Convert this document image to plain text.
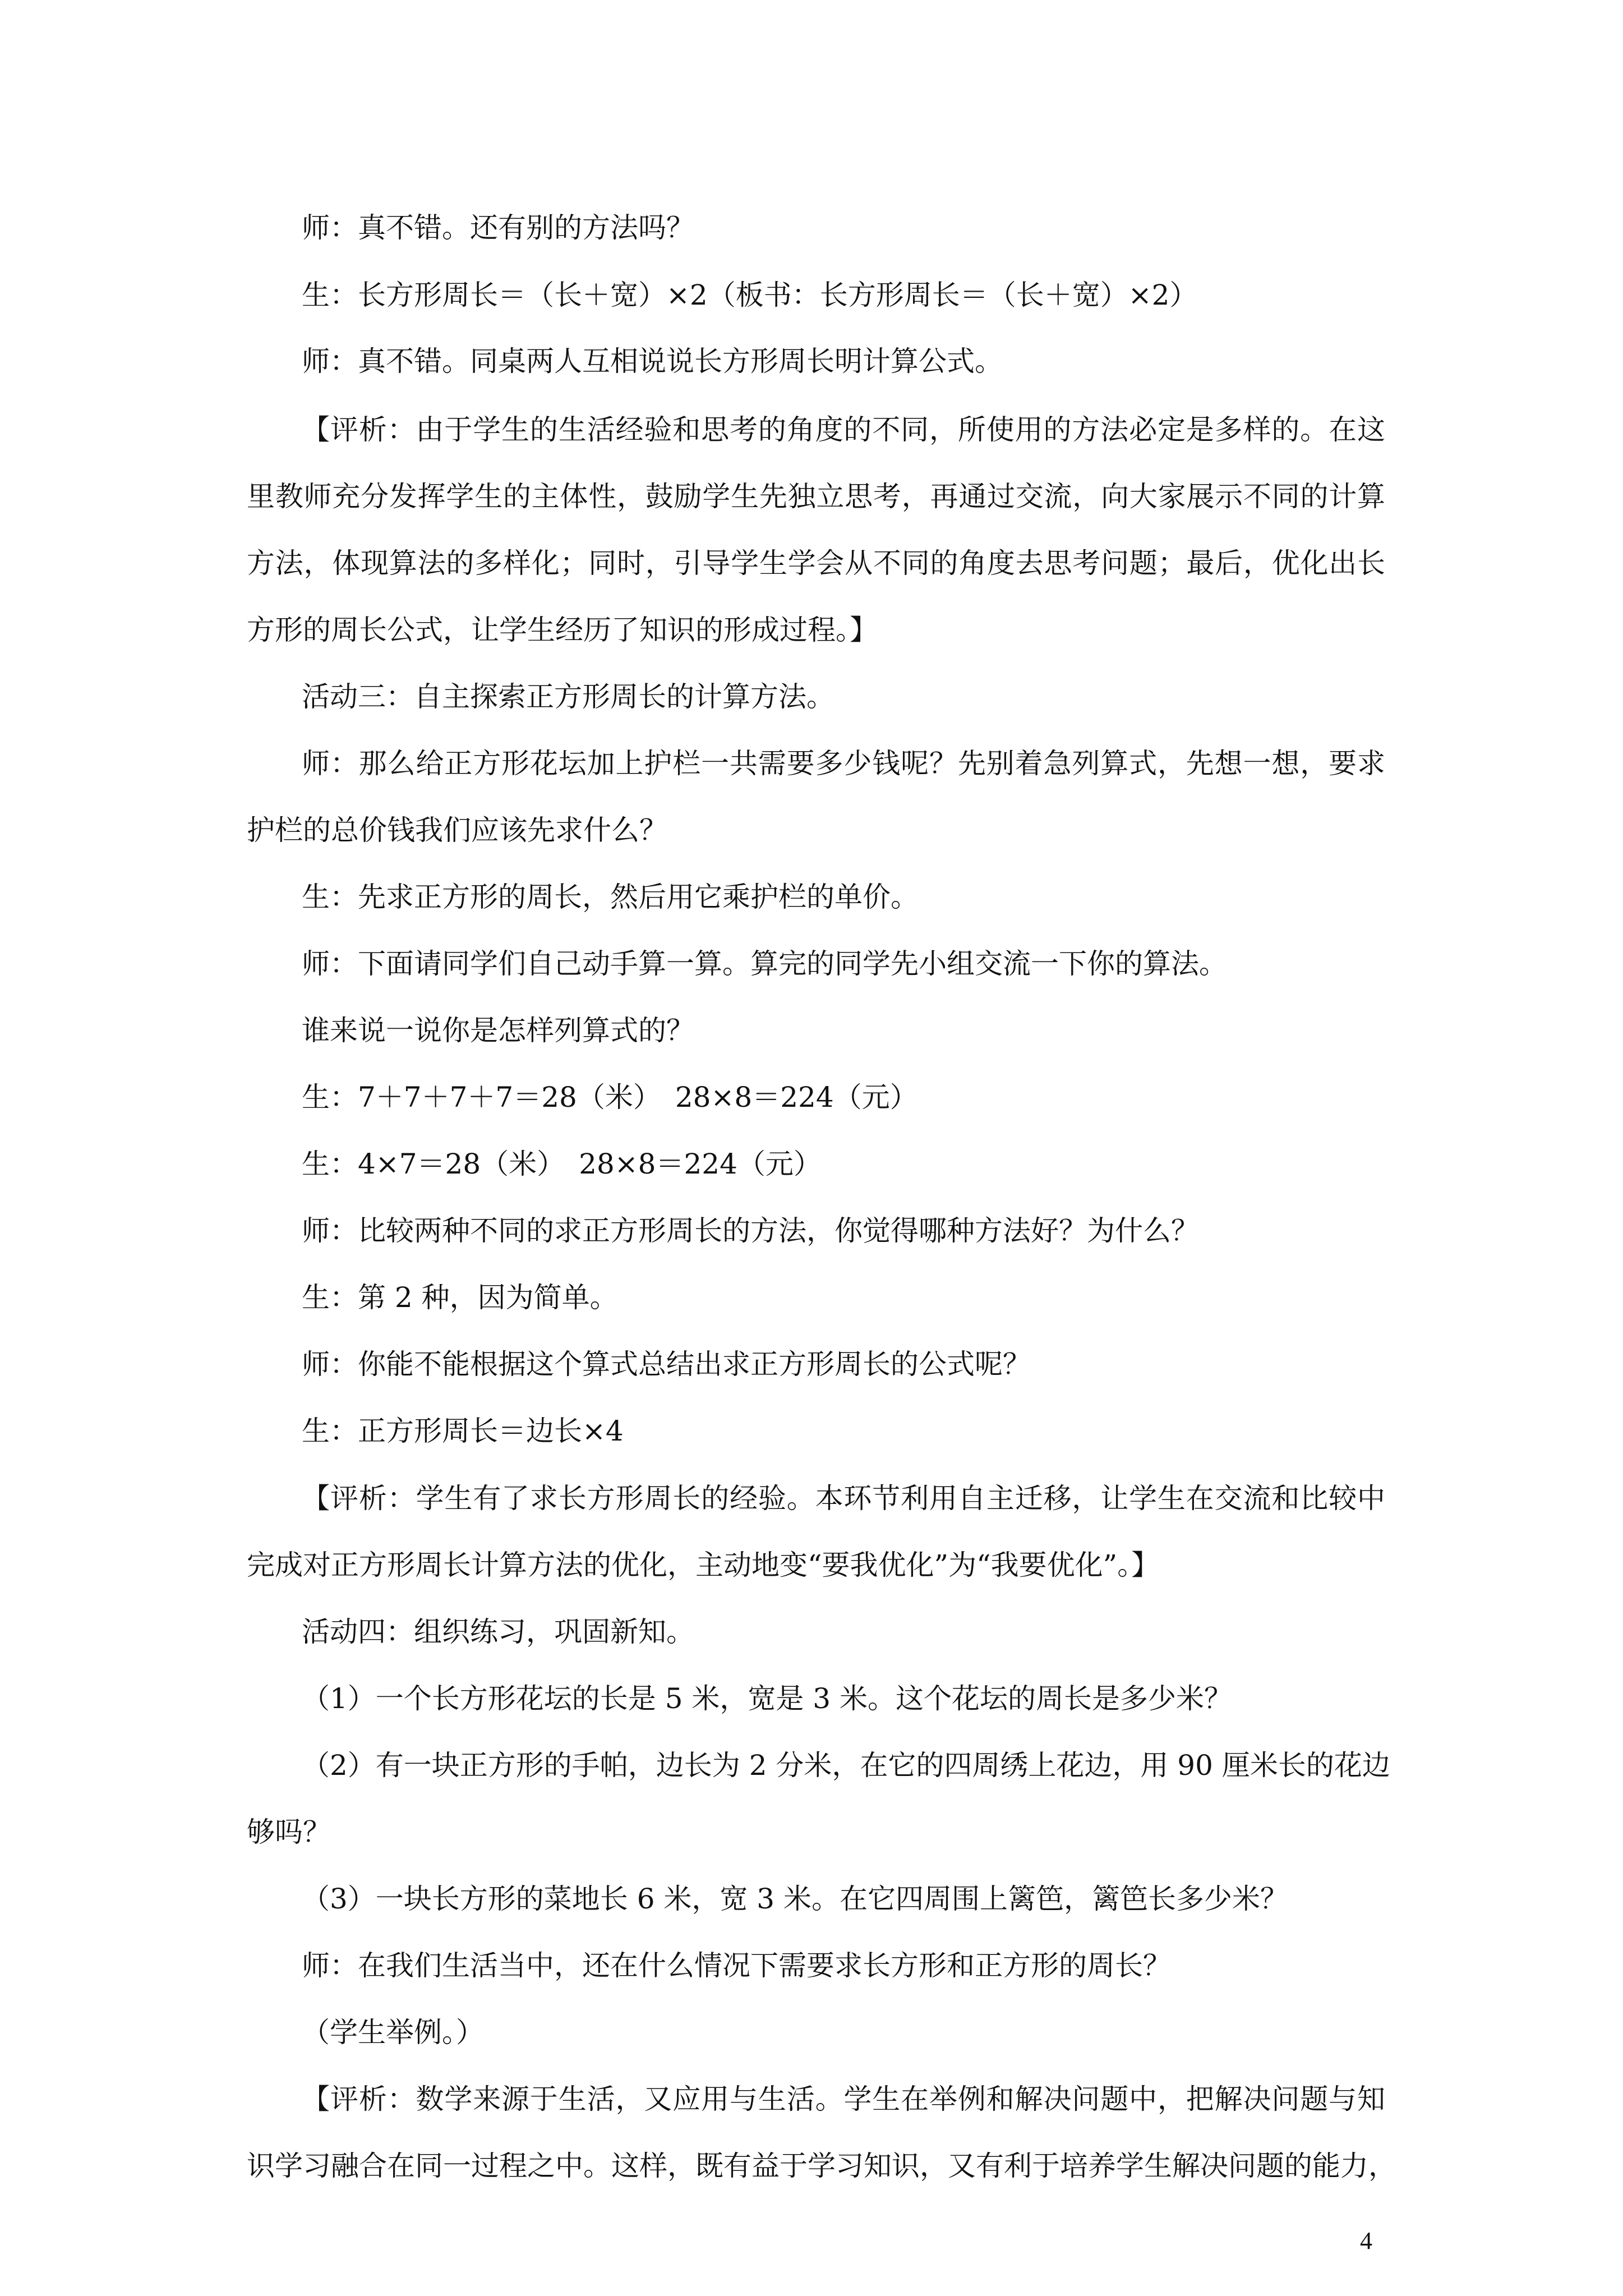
师：真不错。还有别的方法吗？
生：长方形周长＝（长＋宽）×2（板书：长方形周长＝（长＋宽）×2）
师：真不错。同桌两人互相说说长方形周长明计算公式。
【评析：由于学生的生活经验和思考的角度的不同，所使用的方法必定是多样的。在这
里教师充分发挥学生的主体性，鼓励学生先独立思考，再通过交流，向大家展示不同的计算
方法，体现算法的多样化；同时，引导学生学会从不同的角度去思考问题；最后，优化出长
方形的周长公式，让学生经历了知识的形成过程。】
活动三：自主探索正方形周长的计算方法。
师：那么给正方形花坛加上护栏一共需要多少钱呢？先别着急列算式，先想一想，要求
护栏的总价钱我们应该先求什么？
生：先求正方形的周长，然后用它乘护栏的单价。
师：下面请同学们自己动手算一算。算完的同学先小组交流一下你的算法。
谁来说一说你是怎样列算式的？
生：7＋7＋7＋7＝28（米）　28×8＝224（元）
生：4×7＝28（米）　28×8＝224（元）
师：比较两种不同的求正方形周长的方法，你觉得哪种方法好？为什么？
生：第 2 种，因为简单。
师：你能不能根据这个算式总结出求正方形周长的公式呢？
生：正方形周长＝边长×4
【评析：学生有了求长方形周长的经验。本环节利用自主迁移，让学生在交流和比较中
完成对正方形周长计算方法的优化，主动地变“要我优化”为“我要优化”。】
活动四：组织练习，巩固新知。
（1）一个长方形花坛的长是 5 米，宽是 3 米。这个花坛的周长是多少米？
（2）有一块正方形的手帕，边长为 2 分米，在它的四周绣上花边，用 90 厘米长的花边
够吗？
（3）一块长方形的菜地长 6 米，宽 3 米。在它四周围上篱笆，篱笆长多少米？
师：在我们生活当中，还在什么情况下需要求长方形和正方形的周长？
（学生举例。）
【评析：数学来源于生活，又应用与生活。学生在举例和解决问题中，把解决问题与知
识学习融合在同一过程之中。这样，既有益于学习知识，又有利于培养学生解决问题的能力，
4
